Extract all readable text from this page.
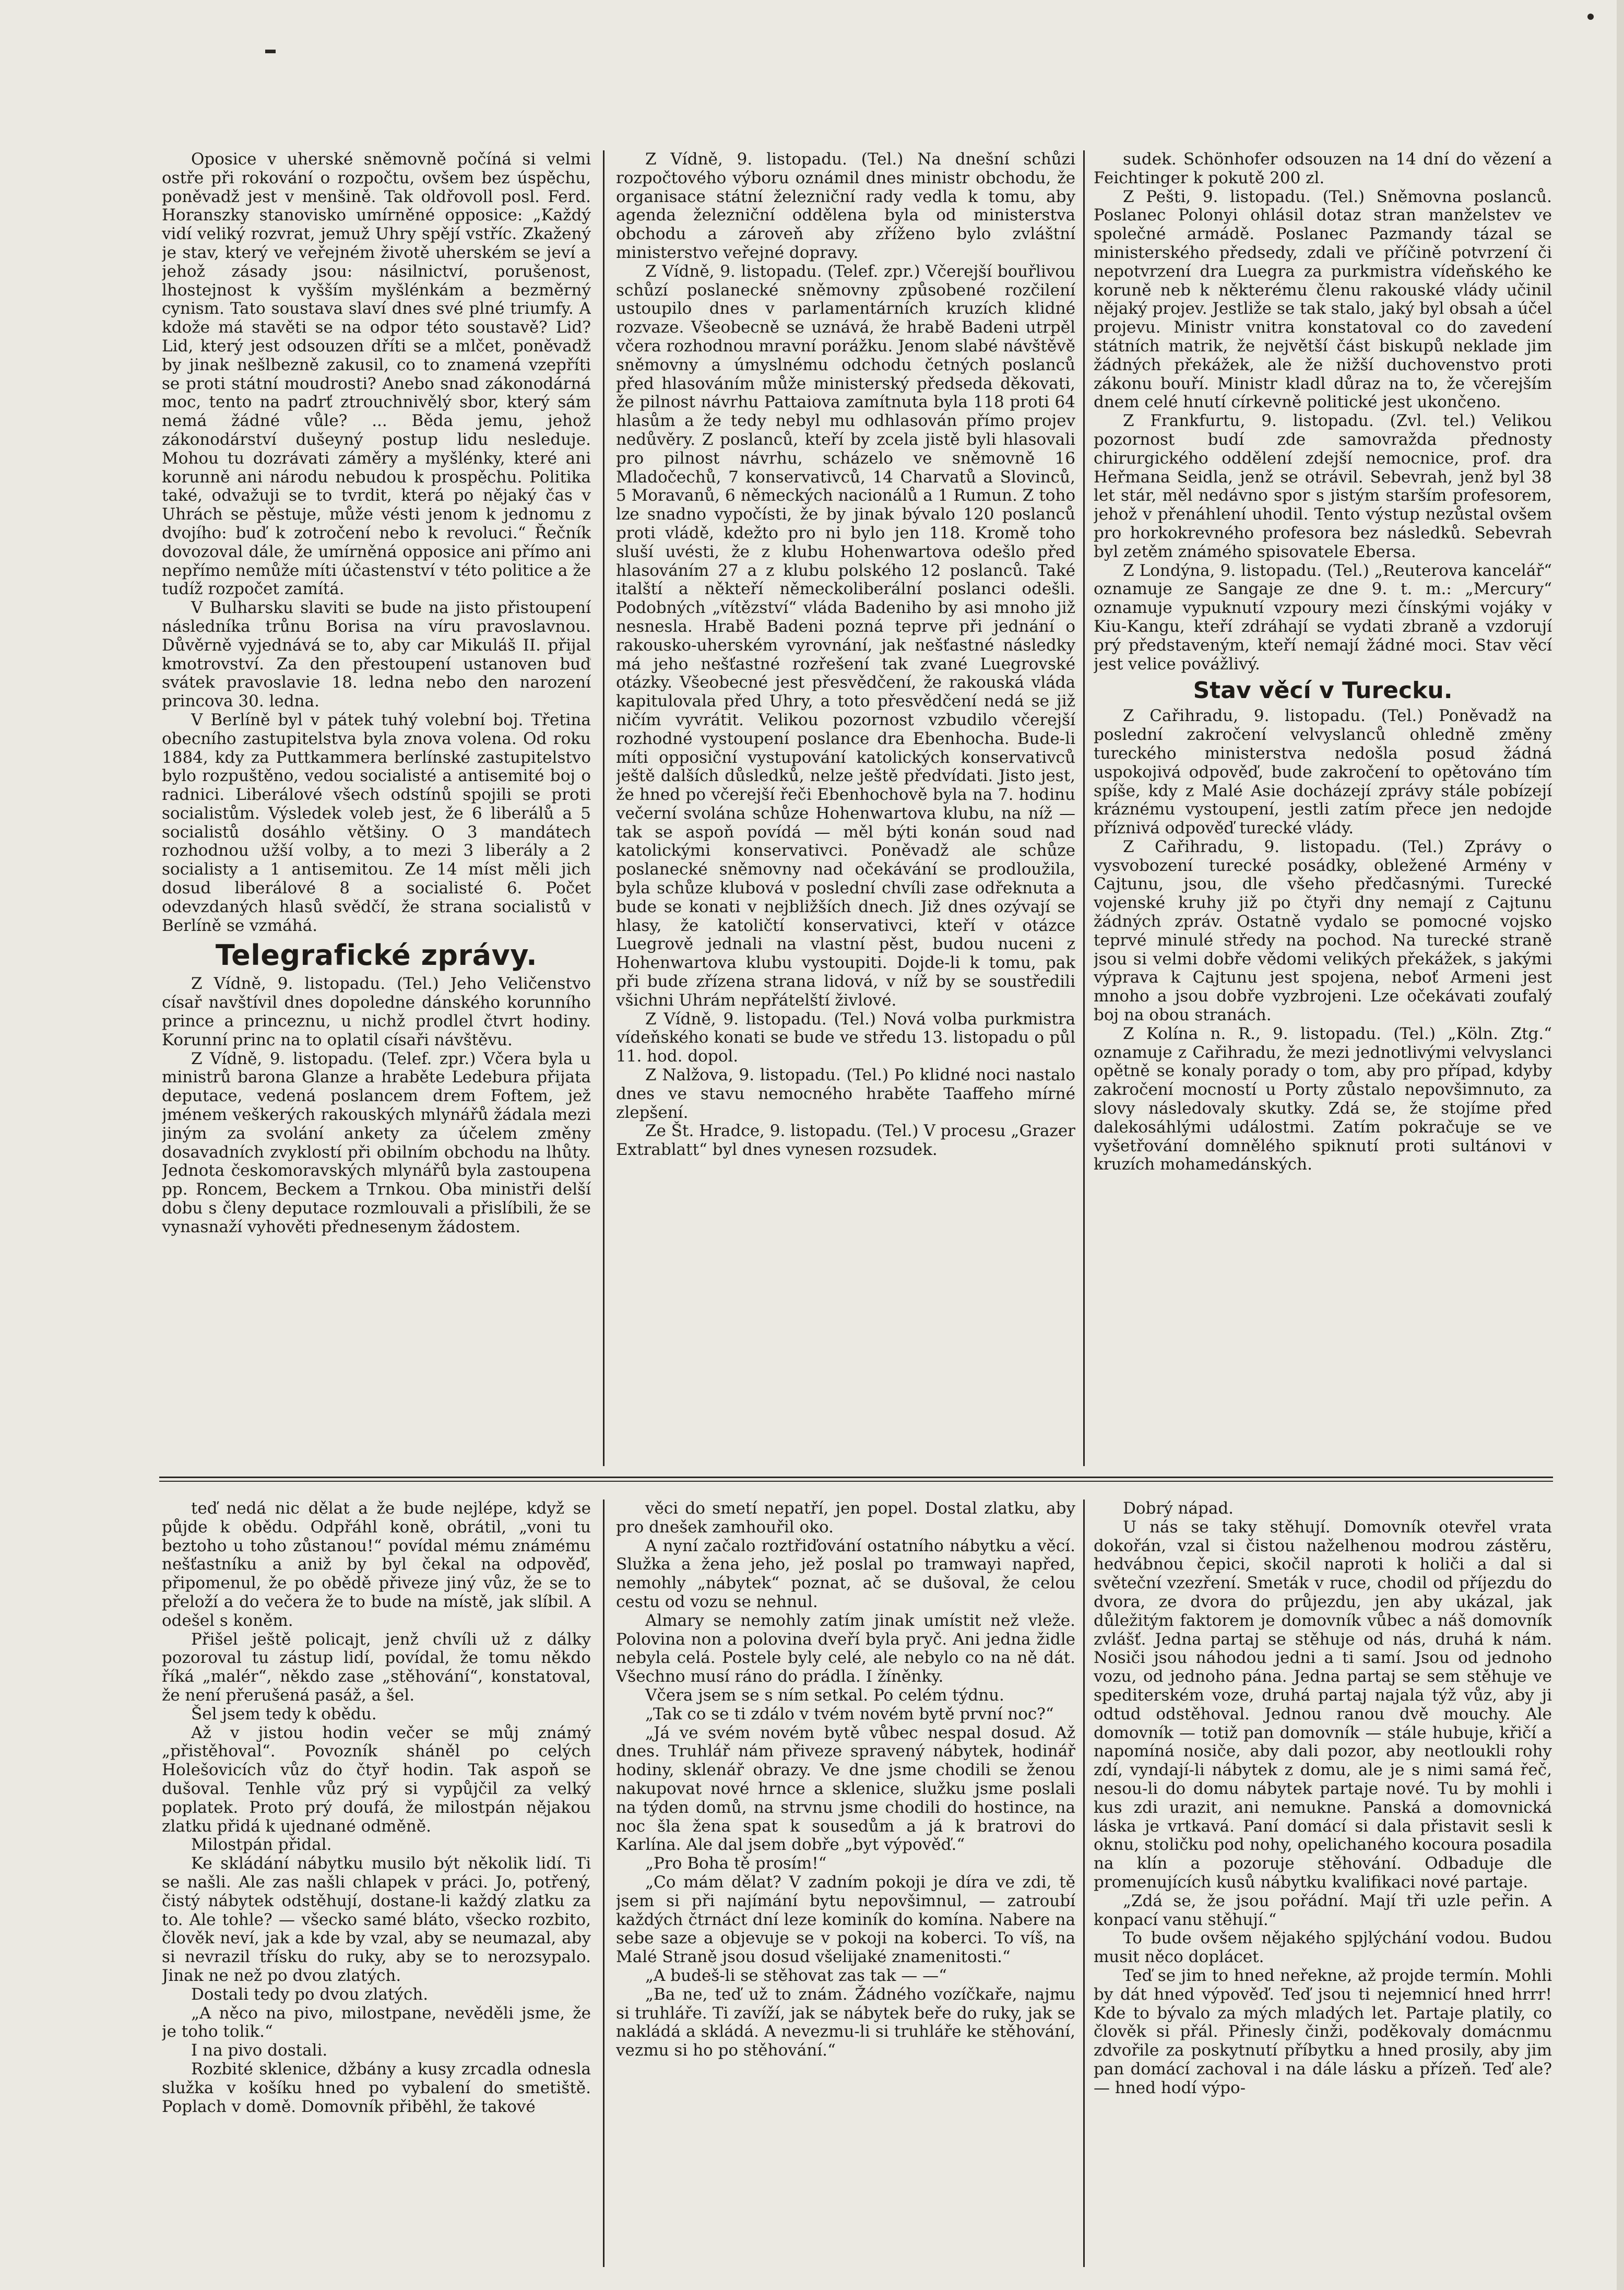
Oposice v uherské sněmovně počíná si velmi ostře při rokování o rozpočtu, ovšem bez úspěchu, poněvadž jest v menšině. Tak oldřovoll posl. Ferd. Horanszky stanovisko umírněné opposice: „Každý vidí veliký rozvrat, jemuž Uhry spějí vstříc. Zkažený je stav, který ve veřejném životě uherském se jeví a jehož zásady jsou: násilnictví, porušenost, lhostejnost k vyšším myšlénkám a bezměrný cynism. Tato soustava slaví dnes své plné triumfy. A kdože má stavěti se na odpor této soustavě? Lid? Lid, který jest odsouzen dříti se a mlčet, poněvadž by jinak nešlbezně zakusil, co to znamená vzepříti se proti státní moudrosti? Anebo snad zákonodárná moc, tento na padrť ztrouchnivělý sbor, který sám nemá žádné vůle? ... Běda jemu, jehož zákonodárství dušeyný postup lidu nesleduje. Mohou tu dozrávati záměry a myšlénky, které ani korunně ani národu nebudou k prospěchu. Politika také, odvažuji se to tvrdit, která po nějaký čas v Uhrách se pěstuje, může vésti jenom k jednomu z dvojího: buď k zotročení nebo k revoluci.“ Řečník dovozoval dále, že umírněná opposice ani přímo ani nepřímo nemůže míti účastenství v této politice a že tudíž rozpočet zamítá.

V Bulharsku slaviti se bude na jisto přistoupení následníka trůnu Borisa na víru pravoslavnou. Důvěrně vyjednává se to, aby car Mikuláš II. přijal kmotrovství. Za den přestoupení ustanoven buď svátek pravoslavie 18. ledna nebo den narození princova 30. ledna.

V Berlíně byl v pátek tuhý volební boj. Třetina obecního zastupitelstva byla znova volena. Od roku 1884, kdy za Puttkammera berlínské zastupitelstvo bylo rozpuštěno, vedou socialisté a antisemité boj o radnici. Liberálové všech odstínů spojili se proti socialistům. Výsledek voleb jest, že 6 liberálů a 5 socialistů dosáhlo většiny. O 3 mandátech rozhodnou užší volby, a to mezi 3 liberály a 2 socialisty a 1 antisemitou. Ze 14 míst měli jich dosud liberálové 8 a socialisté 6. Počet odevzdaných hlasů svědčí, že strana socialistů v Berlíně se vzmáhá.

Telegrafické zprávy.

Z Vídně, 9. listopadu. (Tel.) Jeho Veličenstvo císař navštívil dnes dopoledne dánského korunního prince a princeznu, u nichž prodlel čtvrt hodiny. Korunní princ na to oplatil císaři návštěvu.

Z Vídně, 9. listopadu. (Telef. zpr.) Včera byla u ministrů barona Glanze a hraběte Ledebura přijata deputace, vedená poslancem drem Foftem, jež jménem veškerých rakouských mlynářů žádala mezi jiným za svolání ankety za účelem změny dosavadních zvyklostí při obilním obchodu na lhůty. Jednota českomoravských mlynářů byla zastoupena pp. Roncem, Beckem a Trnkou. Oba ministři delší dobu s členy deputace rozmlouvali a přislíbili, že se vynasnaží vyhověti přednesenym žádostem.

Z Vídně, 9. listopadu. (Tel.) Na dnešní schůzi rozpočtového výboru oznámil dnes ministr obchodu, že organisace státní železniční rady vedla k tomu, aby agenda železniční oddělena byla od ministerstva obchodu a zároveň aby zříženo bylo zvláštní ministerstvo veřejné dopravy.

Z Vídně, 9. listopadu. (Telef. zpr.) Včerejší bouřlivou schůzí poslanecké sněmovny způsobené rozčilení ustoupilo dnes v parlamentárních kruzích klidné rozvaze. Všeobecně se uznává, že hrabě Badeni utrpěl včera rozhodnou mravní porážku. Jenom slabé návštěvě sněmovny a úmyslnému odchodu četných poslanců před hlasováním může ministerský předseda děkovati, že pilnost návrhu Pattaiova zamítnuta byla 118 proti 64 hlasům a že tedy nebyl mu odhlasován přímo projev nedůvěry. Z poslanců, kteří by zcela jistě byli hlasovali pro pilnost návrhu, scházelo ve sněmovně 16 Mladočechů, 7 konservativců, 14 Charvatů a Slovinců, 5 Moravanů, 6 německých nacionálů a 1 Rumun. Z toho lze snadno vypočísti, že by jinak bývalo 120 poslanců proti vládě, kdežto pro ni bylo jen 118. Kromě toho sluší uvésti, že z klubu Hohenwartova odešlo před hlasováním 27 a z klubu polského 12 poslanců. Také italští a někteří německoliberální poslanci odešli. Podobných „vítězství“ vláda Badeniho by asi mnoho již nesnesla. Hrabě Badeni pozná teprve při jednání o rakousko-uherském vyrovnání, jak nešťastné následky má jeho nešťastné rozřešení tak zvané Luegrovské otázky. Všeobecné jest přesvědčení, že rakouská vláda kapitulovala před Uhry, a toto přesvědčení nedá se již ničím vyvrátit. Velikou pozornost vzbudilo včerejší rozhodné vystoupení poslance dra Ebenhocha. Bude-li míti opposiční vystupování katolických konservativců ještě dalších důsledků, nelze ještě předvídati. Jisto jest, že hned po včerejší řeči Ebenhochově byla na 7. hodinu večerní svolána schůze Hohenwartova klubu, na níž — tak se aspoň povídá — měl býti konán soud nad katolickými konservativci. Poněvadž ale schůze poslanecké sněmovny nad očekávání se prodloužila, byla schůze klubová v poslední chvíli zase odřeknuta a bude se konati v nejbližších dnech. Již dnes ozývají se hlasy, že katoličtí konservativci, kteří v otázce Luegrově jednali na vlastní pěst, budou nuceni z Hohenwartova klubu vystoupiti. Dojde-li k tomu, pak při bude zřízena strana lidová, v níž by se soustředili všichni Uhrám nepřátelští živlové.

Z Vídně, 9. listopadu. (Tel.) Nová volba purkmistra vídeňského konati se bude ve středu 13. listopadu o půl 11. hod. dopol.

Z Nalžova, 9. listopadu. (Tel.) Po klidné noci nastalo dnes ve stavu nemocného hraběte Taaffeho mírné zlepšení.

Ze Št. Hradce, 9. listopadu. (Tel.) V procesu „Grazer Extrablatt“ byl dnes vynesen rozsudek.

sudek. Schönhofer odsouzen na 14 dní do vězení a Feichtinger k pokutě 200 zl.

Z Pešti, 9. listopadu. (Tel.) Sněmovna poslanců. Poslanec Polonyi ohlásil dotaz stran manželstev ve společné armádě. Poslanec Pazmandy tázal se ministerského předsedy, zdali ve příčině potvrzení či nepotvrzení dra Luegra za purkmistra vídeňského ke koruně neb k některému členu rakouské vlády učinil nějaký projev. Jestliže se tak stalo, jaký byl obsah a účel projevu. Ministr vnitra konstatoval co do zavedení státních matrik, že největší část biskupů neklade jim žádných překážek, ale že nižší duchovenstvo proti zákonu bouří. Ministr kladl důraz na to, že včerejším dnem celé hnutí církevně politické jest ukončeno.

Z Frankfurtu, 9. listopadu. (Zvl. tel.) Velikou pozornost budí zde samovražda přednosty chirurgického oddělení zdejší nemocnice, prof. dra Heřmana Seidla, jenž se otrávil. Sebevrah, jenž byl 38 let stár, měl nedávno spor s jistým starším profesorem, jehož v přenáhlení uhodil. Tento výstup nezůstal ovšem pro horkokrevného profesora bez následků. Sebevrah byl zetěm známého spisovatele Ebersa.

Z Londýna, 9. listopadu. (Tel.) „Reuterova kancelář“ oznamuje ze Sangaje ze dne 9. t. m.: „Mercury“ oznamuje vypuknutí vzpoury mezi čínskými vojáky v Kiu-Kangu, kteří zdráhají se vydati zbraně a vzdorují prý představeným, kteří nemají žádné moci. Stav věcí jest velice povážlivý.

Stav věcí v Turecku.

Z Cařihradu, 9. listopadu. (Tel.) Poněvadž na poslední zakročení velvyslanců ohledně změny tureckého ministerstva nedošla posud žádná uspokojivá odpověď, bude zakročení to opětováno tím spíše, kdy z Malé Asie docházejí zprávy stále pobízejí kráznému vystoupení, jestli zatím přece jen nedojde příznivá odpověď turecké vlády.

Z Cařihradu, 9. listopadu. (Tel.) Zprávy o vysvobození turecké posádky, obležené Armény v Cajtunu, jsou, dle všeho předčasnými. Turecké vojenské kruhy již po čtyři dny nemají z Cajtunu žádných zpráv. Ostatně vydalo se pomocné vojsko teprvé minulé středy na pochod. Na turecké straně jsou si velmi dobře vědomi velikých překážek, s jakými výprava k Cajtunu jest spojena, neboť Armeni jest mnoho a jsou dobře vyzbrojeni. Lze očekávati zoufalý boj na obou stranách.

Z Kolína n. R., 9. listopadu. (Tel.) „Köln. Ztg.“ oznamuje z Cařihradu, že mezi jednotlivými velvyslanci opětně se konaly porady o tom, aby pro případ, kdyby zakročení mocností u Porty zůstalo nepovšimnuto, za slovy následovaly skutky. Zdá se, že stojíme před dalekosáhlými událostmi. Zatím pokračuje se ve vyšetřování domnělého spiknutí proti sultánovi v kruzích mohamedánských.

teď nedá nic dělat a že bude nejlépe, když se půjde k obědu. Odpřáhl koně, obrátil, „voni tu beztoho u toho zůstanou!“ povídal mému známému nešťastníku a aniž by byl čekal na odpověď, připomenul, že po obědě přiveze jiný vůz, že se to přeloží a do večera že to bude na místě, jak slíbil. A odešel s koněm.

Přišel ještě policajt, jenž chvíli už z dálky pozoroval tu zástup lidí, povídal, že tomu někdo říká „malér“, někdo zase „stěhování“, konstatoval, že není přerušená pasáž, a šel.

Šel jsem tedy k obědu.

Až v jistou hodin večer se můj známý „přistěhoval“. Povozník sháněl po celých Holešovicích vůz do čtyř hodin. Tak aspoň se dušoval. Tenhle vůz prý si vypůjčil za velký poplatek. Proto prý doufá, že milostpán nějakou zlatku přidá k ujednané odměně.

Milostpán přidal.

Ke skládání nábytku musilo být několik lidí. Ti se našli. Ale zas našli chlapek v práci. Jo, potřený, čistý nábytek odstěhují, dostane-li každý zlatku za to. Ale tohle? — všecko samé bláto, všecko rozbito, člověk neví, jak a kde by vzal, aby se neumazal, aby si nevrazil třísku do ruky, aby se to nerozsypalo. Jinak ne než po dvou zlatých.

Dostali tedy po dvou zlatých.

„A něco na pivo, milostpane, nevěděli jsme, že je toho tolik.“

I na pivo dostali.

Rozbité sklenice, džbány a kusy zrcadla odnesla služka v košíku hned po vybalení do smetiště. Poplach v domě. Domovník přiběhl, že takové

věci do smetí nepatří, jen popel. Dostal zlatku, aby pro dnešek zamhouřil oko.

A nyní začalo roztřiďování ostatního nábytku a věcí. Služka a žena jeho, jež poslal po tramwayi napřed, nemohly „nábytek“ poznat, ač se dušoval, že celou cestu od vozu se nehnul.

Almary se nemohly zatím jinak umístit než vleže. Polovina non a polovina dveří byla pryč. Ani jedna židle nebyla celá. Postele byly celé, ale nebylo co na ně dát. Všechno musí ráno do prádla. I žíněnky.

Včera jsem se s ním setkal. Po celém týdnu.

„Tak co se ti zdálo v tvém novém bytě první noc?“

„Já ve svém novém bytě vůbec nespal dosud. Až dnes. Truhlář nám přiveze spravený nábytek, hodinář hodiny, sklenář obrazy. Ve dne jsme chodili se ženou nakupovat nové hrnce a sklenice, služku jsme poslali na týden domů, na strvnu jsme chodili do hostince, na noc šla žena spat k sousedům a já k bratrovi do Karlína. Ale dal jsem dobře „byt výpověď.“

„Pro Boha tě prosím!“

„Co mám dělat? V zadním pokoji je díra ve zdi, tě jsem si při najímání bytu nepovšimnul, — zatroubí každých čtrnáct dní leze kominík do komína. Nabere na sebe saze a objevuje se v pokoji na koberci. To víš, na Malé Straně jsou dosud všelijaké znamenitosti.“

„A budeš-li se stěhovat zas tak — —“

„Ba ne, teď už to znám. Žádného vozíčkaře, najmu si truhláře. Ti zavíží, jak se nábytek beře do ruky, jak se nakládá a skládá. A nevezmu-li si truhláře ke stěhování, vezmu si ho po stěhování.“

Dobrý nápad.

U nás se taky stěhují. Domovník otevřel vrata dokořán, vzal si čistou naželhenou modrou zástěru, hedvábnou čepici, skočil naproti k holiči a dal si světeční vzezření. Smeták v ruce, chodil od příjezdu do dvora, ze dvora do průjezdu, jen aby ukázal, jak důležitým faktorem je domovník vůbec a náš domovník zvlášť. Jedna partaj se stěhuje od nás, druhá k nám. Nosiči jsou náhodou jedni a ti samí. Jsou od jednoho vozu, od jednoho pána. Jedna partaj se sem stěhuje ve spediterském voze, druhá partaj najala týž vůz, aby ji odtud odstěhoval. Jednou ranou dvě mouchy. Ale domovník — totiž pan domovník — stále hubuje, křičí a napomíná nosiče, aby dali pozor, aby neotloukli rohy zdí, vyndají-li nábytek z domu, ale je s nimi samá řeč, nesou-li do domu nábytek partaje nové. Tu by mohli i kus zdi urazit, ani nemukne. Panská a domovnická láska je vrtkavá. Paní domácí si dala přistavit sesli k oknu, stoličku pod nohy, opelichaného kocoura posadila na klín a pozoruje stěhování. Odbaduje dle promenujících kusů nábytku kvalifikaci nové partaje.

„Zdá se, že jsou pořádní. Mají tři uzle peřin. A konpací vanu stěhují.“

To bude ovšem nějakého spjlýchání vodou. Budou musit něco doplácet.

Teď se jim to hned neřekne, až projde termín. Mohli by dát hned výpověď. Teď jsou ti nejemnicí hned hrrr! Kde to bývalo za mých mladých let. Partaje platily, co člověk si přál. Přinesly činži, poděkovaly domácnmu zdvořile za poskytnutí příbytku a hned prosily, aby jim pan domácí zachoval i na dále lásku a přízeň. Teď ale? — hned hodí výpo-
